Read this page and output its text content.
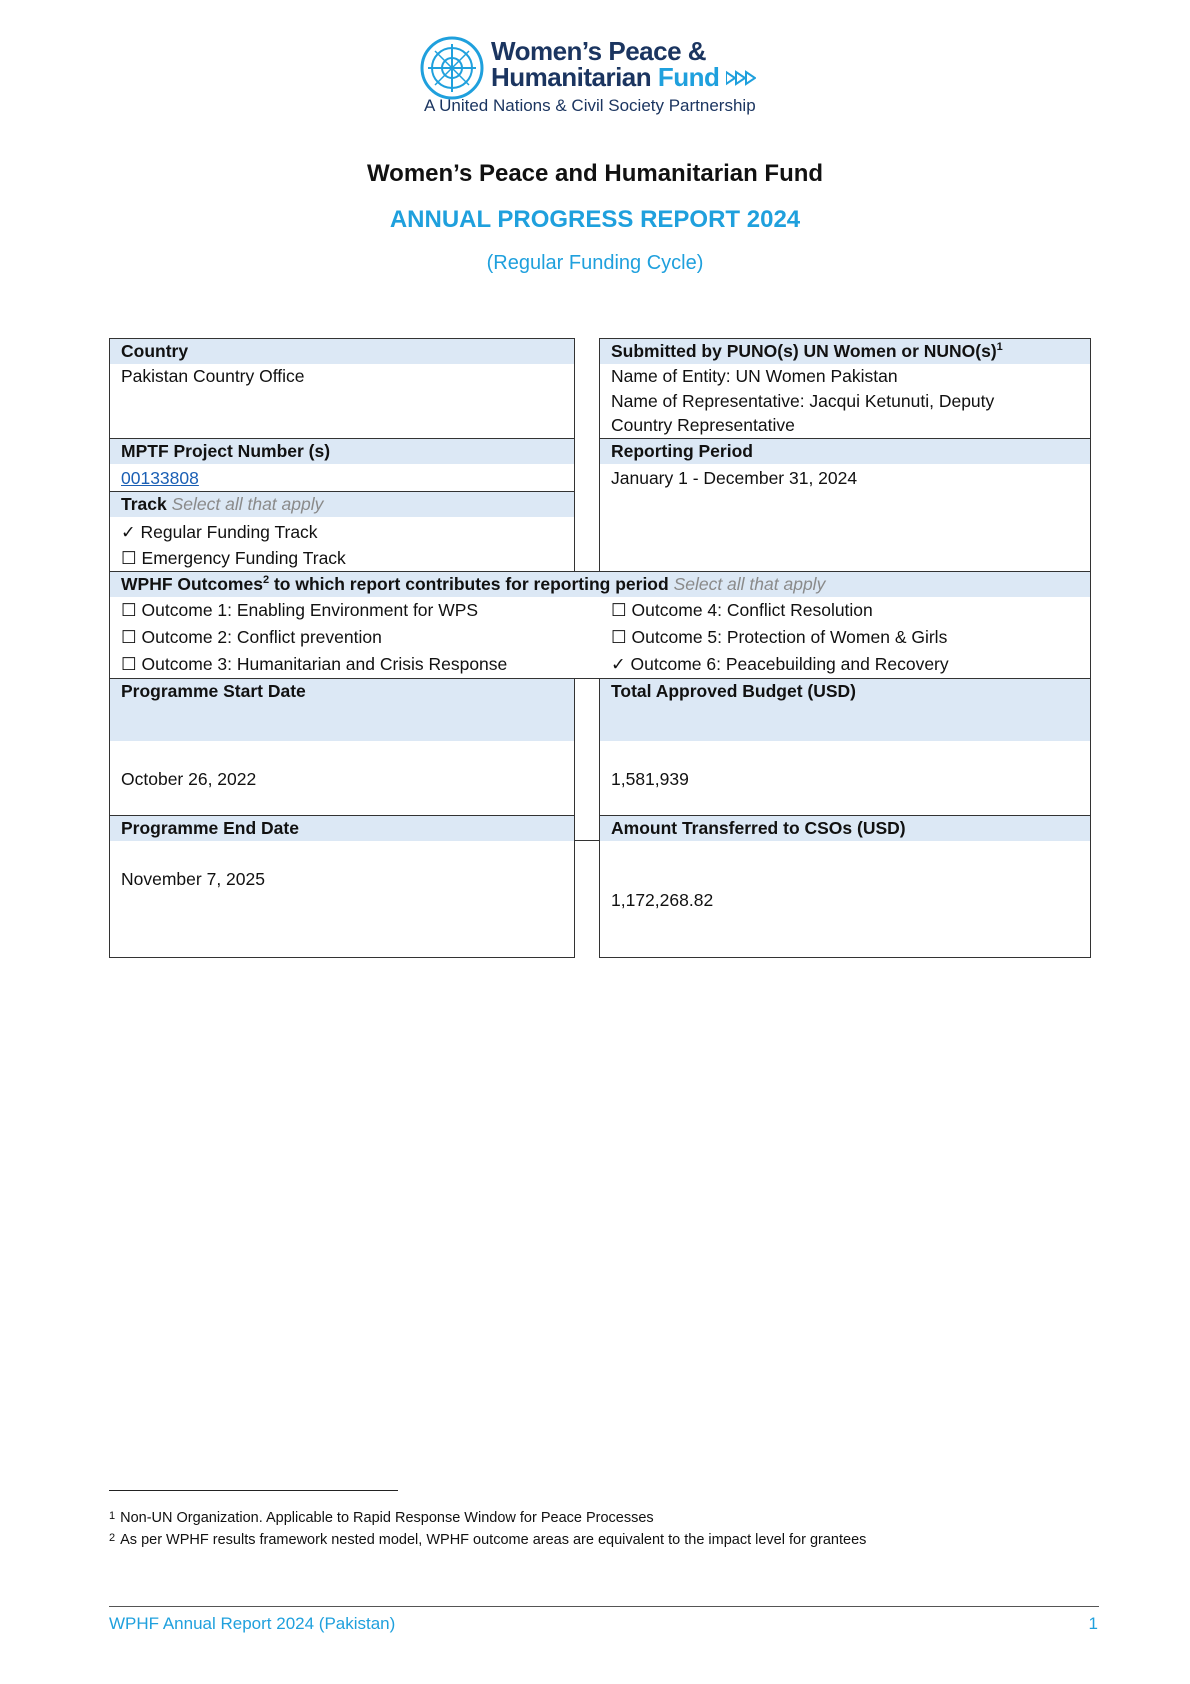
Women’s Peace &
Humanitarian Fund
A United Nations & Civil Society Partnership
Women’s Peace and Humanitarian Fund
ANNUAL PROGRESS REPORT 2024
(Regular Funding Cycle)
Country
Pakistan Country Office
MPTF Project Number (s)
00133808
Track Select all that apply
✓ Regular Funding Track
☐ Emergency Funding Track
Submitted by PUNO(s) UN Women or $NUNO(s)^1$
Name of Entity: UN Women Pakistan
Name of Representative: Jacqui Ketunuti, Deputy
Country Representative
Reporting Period
January 1 - December 31, 2024
WPHF Outcomes$^2$ to which report contributes for reporting period Select all that apply
☐ Outcome 1: Enabling Environment for WPS
☐ Outcome 2: Conflict prevention
☐ Outcome 3: Humanitarian and Crisis Response
☐ Outcome 4: Conflict Resolution
☐ Outcome 5: Protection of Women & Girls
✓ Outcome 6: Peacebuilding and Recovery
Programme Start Date
October 26, 2022
Total Approved Budget (USD)
1,581,939
Programme End Date
November 7, 2025
Amount Transferred to CSOs (USD)
1,172,268.82
$^1$ Non-UN Organization. Applicable to Rapid Response Window for Peace Processes
$^2$ As per WPHF results framework nested model, WPHF outcome areas are equivalent to the impact level for grantees
WPHF Annual Report 2024 (Pakistan)	1
